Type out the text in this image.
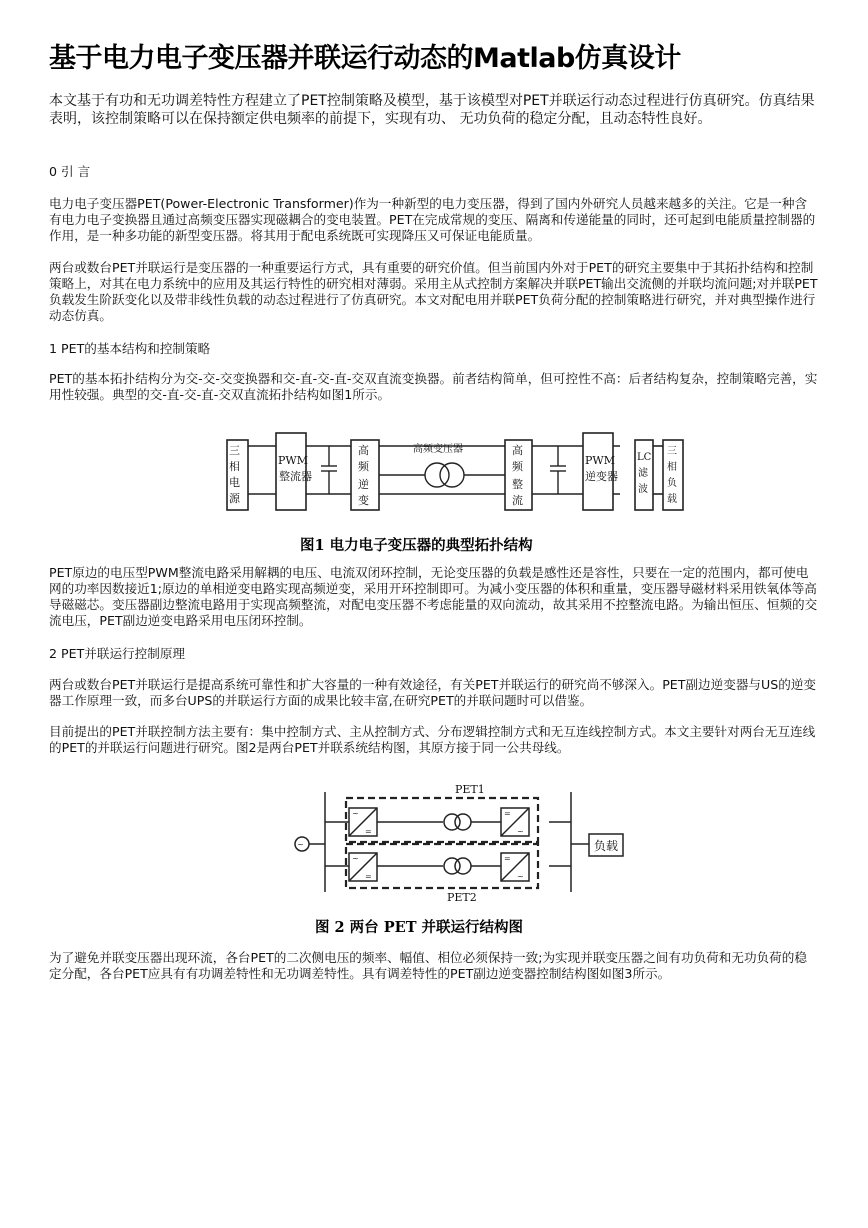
基于电力电子变压器并联运行动态的Matlab仿真设计

本文基于有功和无功调差特性方程建立了PET控制策略及模型，基于该模型对PET并联运行动态过程进行仿真研究。仿真结果表明，该控制策略可以在保持额定供电频率的前提下，实现有功、 无功负荷的稳定分配，且动态特性良好。

0 引 言

电力电子变压器PET(Power-Electronic Transformer)作为一种新型的电力变压器，得到了国内外研究人员越来越多的关注。它是一种含有电力电子变换器且通过高频变压器实现磁耦合的变电装置。PET在完成常规的变压、隔离和传递能量的同时，还可起到电能质量控制器的作用，是一种多功能的新型变压器。将其用于配电系统既可实现降压又可保证电能质量。

两台或数台PET并联运行是变压器的一种重要运行方式，具有重要的研究价值。但当前国内外对于PET的研究主要集中于其拓扑结构和控制策略上，对其在电力系统中的应用及其运行特性的研究相对薄弱。采用主从式控制方案解决并联PET输出交流侧的并联均流问题;对并联PET负载发生阶跃变化以及带非线性负载的动态过程进行了仿真研究。本文对配电用并联PET负荷分配的控制策略进行研究，并对典型操作进行动态仿真。

1 PET的基本结构和控制策略

PET的基本拓扑结构分为交-交-交变换器和交-直-交-直-交双直流变换器。前者结构简单，但可控性不高：后者结构复杂，控制策略完善，实用性较强。典型的交-直-交-直-交双直流拓扑结构如图1所示。

三
相
电
源
PWM
整流器
高
频
逆
变
高频变压器	高
频
整
流
PWM
逆变器
LC
滤
波
三
相
负
载
图1 电力电子变压器的典型拓扑结构

PET原边的电压型PWM整流电路采用解耦的电压、电流双闭环控制，无论变压器的负载是感性还是容性，只要在一定的范围内，都可使电网的功率因数接近1;原边的单相逆变电路实现高频逆变，采用开环控制即可。为减小变压器的体积和重量，变压器导磁材料采用铁氧体等高导磁磁芯。变压器副边整流电路用于实现高频整流，对配电变压器不考虑能量的双向流动，故其采用不控整流电路。为输出恒压、恒频的交流电压，PET副边逆变电路采用电压闭环控制。

2 PET并联运行控制原理

两台或数台PET并联运行是提高系统可靠性和扩大容量的一种有效途径，有关PET并联运行的研究尚不够深入。PET副边逆变器与US的逆变器工作原理一致，而多台UPS的并联运行方面的成果比较丰富,在研究PET的并联问题时可以借鉴。

目前提出的PET并联控制方法主要有：集中控制方式、主从控制方式、分布逻辑控制方式和无互连线控制方式。本文主要针对两台无互连线的PET的并联运行问题进行研究。图2是两台PET并联系统结构图，其原方接于同一公共母线。

~
~
=
=
~
~
=
=
~
PET1
PET2
负载
图 2 两台 PET 并联运行结构图

为了避免并联变压器出现环流，各台PET的二次侧电压的频率、幅值、相位必须保持一致;为实现并联变压器之间有功负荷和无功负荷的稳定分配，各台PET应具有有功调差特性和无功调差特性。具有调差特性的PET副边逆变器控制结构图如图3所示。
